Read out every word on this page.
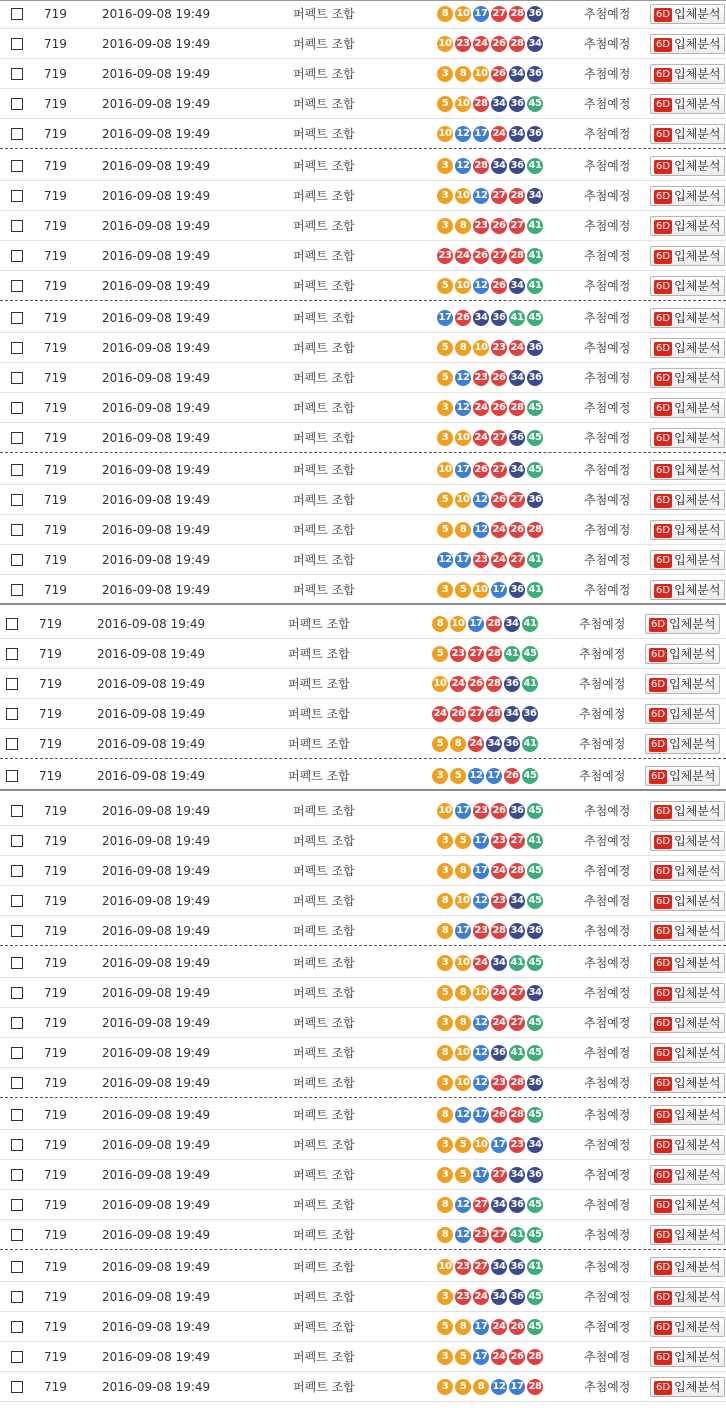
719	2016-09-08 19:49	퍼펙트 조합	8 10 17 27 28 36	추첨예정	6D 입체분석
719	2016-09-08 19:49	퍼펙트 조합	10 23 24 26 28 34	추첨예정	6D 입체분석
719	2016-09-08 19:49	퍼펙트 조합	3 8 10 26 34 36	추첨예정	6D 입체분석
719	2016-09-08 19:49	퍼펙트 조합	5 10 28 34 36 45	추첨예정	6D 입체분석
719	2016-09-08 19:49	퍼펙트 조합	10 12 17 24 34 36	추첨예정	6D 입체분석
719	2016-09-08 19:49	퍼펙트 조합	3 12 28 34 36 41	추첨예정	6D 입체분석
719	2016-09-08 19:49	퍼펙트 조합	3 10 12 27 28 34	추첨예정	6D 입체분석
719	2016-09-08 19:49	퍼펙트 조합	3 8 23 26 27 41	추첨예정	6D 입체분석
719	2016-09-08 19:49	퍼펙트 조합	23 24 26 27 28 41	추첨예정	6D 입체분석
719	2016-09-08 19:49	퍼펙트 조합	5 10 12 26 34 41	추첨예정	6D 입체분석
719	2016-09-08 19:49	퍼펙트 조합	17 26 34 36 41 45	추첨예정	6D 입체분석
719	2016-09-08 19:49	퍼펙트 조합	5 8 10 23 24 36	추첨예정	6D 입체분석
719	2016-09-08 19:49	퍼펙트 조합	5 12 23 26 34 36	추첨예정	6D 입체분석
719	2016-09-08 19:49	퍼펙트 조합	3 12 24 26 28 45	추첨예정	6D 입체분석
719	2016-09-08 19:49	퍼펙트 조합	3 10 24 27 36 45	추첨예정	6D 입체분석
719	2016-09-08 19:49	퍼펙트 조합	10 17 26 27 34 45	추첨예정	6D 입체분석
719	2016-09-08 19:49	퍼펙트 조합	5 10 12 26 27 36	추첨예정	6D 입체분석
719	2016-09-08 19:49	퍼펙트 조합	5 8 12 24 26 28	추첨예정	6D 입체분석
719	2016-09-08 19:49	퍼펙트 조합	12 17 23 24 27 41	추첨예정	6D 입체분석
719	2016-09-08 19:49	퍼펙트 조합	3 5 10 17 36 41	추첨예정	6D 입체분석
719	2016-09-08 19:49	퍼펙트 조합	8 10 17 28 34 41	추첨예정	6D 입체분석
719	2016-09-08 19:49	퍼펙트 조합	5 23 27 28 41 45	추첨예정	6D 입체분석
719	2016-09-08 19:49	퍼펙트 조합	10 24 26 28 36 41	추첨예정	6D 입체분석
719	2016-09-08 19:49	퍼펙트 조합	24 26 27 28 34 36	추첨예정	6D 입체분석
719	2016-09-08 19:49	퍼펙트 조합	5 8 24 34 36 41	추첨예정	6D 입체분석
719	2016-09-08 19:49	퍼펙트 조합	3 5 12 17 26 45	추첨예정	6D 입체분석
719	2016-09-08 19:49	퍼펙트 조합	10 17 23 26 36 45	추첨예정	6D 입체분석
719	2016-09-08 19:49	퍼펙트 조합	3 5 17 23 27 41	추첨예정	6D 입체분석
719	2016-09-08 19:49	퍼펙트 조합	3 8 17 24 28 45	추첨예정	6D 입체분석
719	2016-09-08 19:49	퍼펙트 조합	8 10 12 23 34 45	추첨예정	6D 입체분석
719	2016-09-08 19:49	퍼펙트 조합	8 17 23 28 34 36	추첨예정	6D 입체분석
719	2016-09-08 19:49	퍼펙트 조합	3 10 24 34 41 45	추첨예정	6D 입체분석
719	2016-09-08 19:49	퍼펙트 조합	5 8 10 24 27 34	추첨예정	6D 입체분석
719	2016-09-08 19:49	퍼펙트 조합	3 8 12 24 27 45	추첨예정	6D 입체분석
719	2016-09-08 19:49	퍼펙트 조합	8 10 12 36 41 45	추첨예정	6D 입체분석
719	2016-09-08 19:49	퍼펙트 조합	3 10 12 23 28 36	추첨예정	6D 입체분석
719	2016-09-08 19:49	퍼펙트 조합	8 12 17 26 28 45	추첨예정	6D 입체분석
719	2016-09-08 19:49	퍼펙트 조합	3 5 10 17 23 34	추첨예정	6D 입체분석
719	2016-09-08 19:49	퍼펙트 조합	3 5 17 27 34 36	추첨예정	6D 입체분석
719	2016-09-08 19:49	퍼펙트 조합	8 12 27 34 36 45	추첨예정	6D 입체분석
719	2016-09-08 19:49	퍼펙트 조합	8 12 23 27 41 45	추첨예정	6D 입체분석
719	2016-09-08 19:49	퍼펙트 조합	10 23 27 34 36 41	추첨예정	6D 입체분석
719	2016-09-08 19:49	퍼펙트 조합	3 23 24 34 36 45	추첨예정	6D 입체분석
719	2016-09-08 19:49	퍼펙트 조합	5 8 17 24 26 45	추첨예정	6D 입체분석
719	2016-09-08 19:49	퍼펙트 조합	3 5 17 24 26 28	추첨예정	6D 입체분석
719	2016-09-08 19:49	퍼펙트 조합	3 5 8 12 17 28	추첨예정	6D 입체분석
